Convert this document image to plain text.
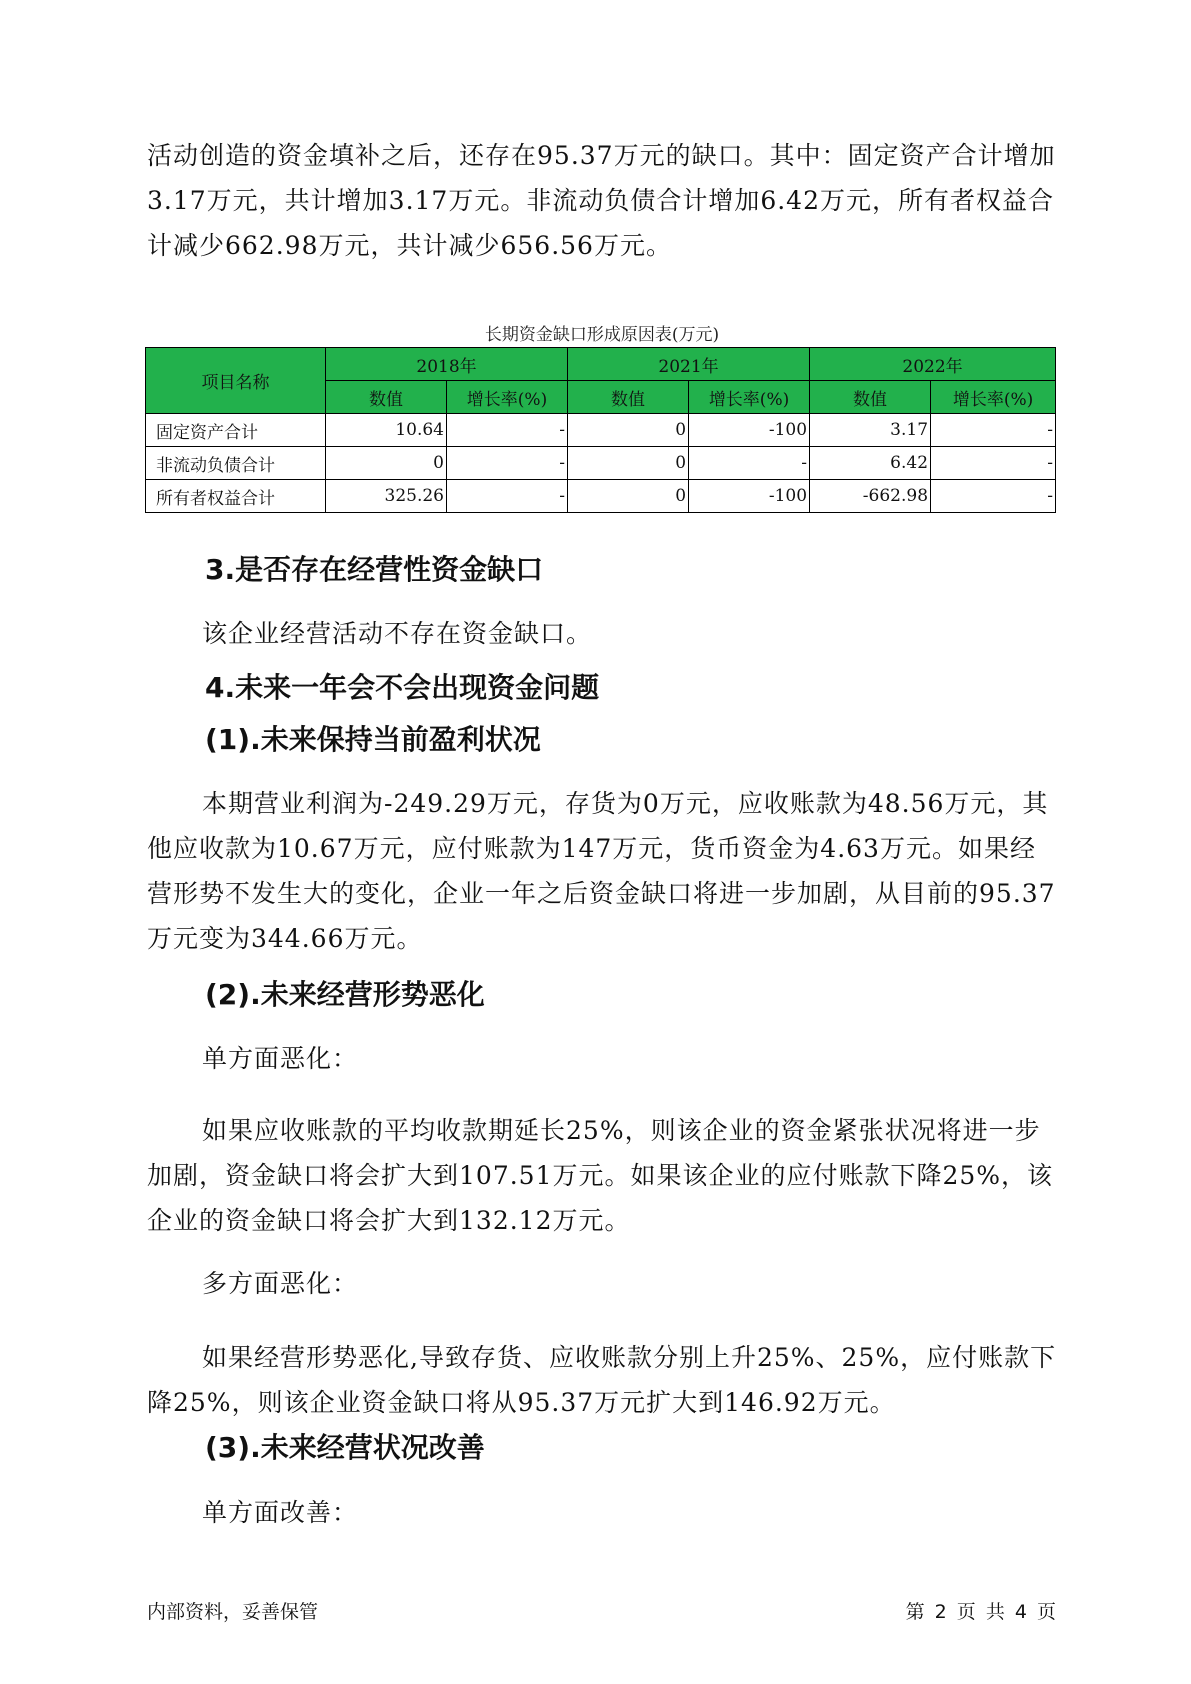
活动创造的资金填补之后，还存在95.37万元的缺口。其中：固定资产合计增加3.17万元，共计增加3.17万元。非流动负债合计增加6.42万元，所有者权益合计减少662.98万元，共计减少656.56万元。

长期资金缺口形成原因表(万元)
项目名称	2018年		2021年		2022年	
	数值	增长率(%)	数值	增长率(%)	数值	增长率(%)
固定资产合计	10.64	-	0	-100	3.17	-
非流动负债合计	0	-	0	-	6.42	-
所有者权益合计	325.26	-	0	-100	-662.98	-
3.是否存在经营性资金缺口

该企业经营活动不存在资金缺口。

4.未来一年会不会出现资金问题
(1).未来保持当前盈利状况

本期营业利润为-249.29万元，存货为0万元，应收账款为48.56万元，其他应收款为10.67万元，应付账款为147万元，货币资金为4.63万元。如果经营形势不发生大的变化，企业一年之后资金缺口将进一步加剧，从目前的95.37万元变为344.66万元。

(2).未来经营形势恶化

单方面恶化：

如果应收账款的平均收款期延长25%，则该企业的资金紧张状况将进一步加剧，资金缺口将会扩大到107.51万元。如果该企业的应付账款下降25%，该企业的资金缺口将会扩大到132.12万元。

多方面恶化：

如果经营形势恶化,导致存货、应收账款分别上升25%、25%，应付账款下降25%，则该企业资金缺口将从95.37万元扩大到146.92万元。

(3).未来经营状况改善

单方面改善：

内部资料，妥善保管	第 2 页 共 4 页
